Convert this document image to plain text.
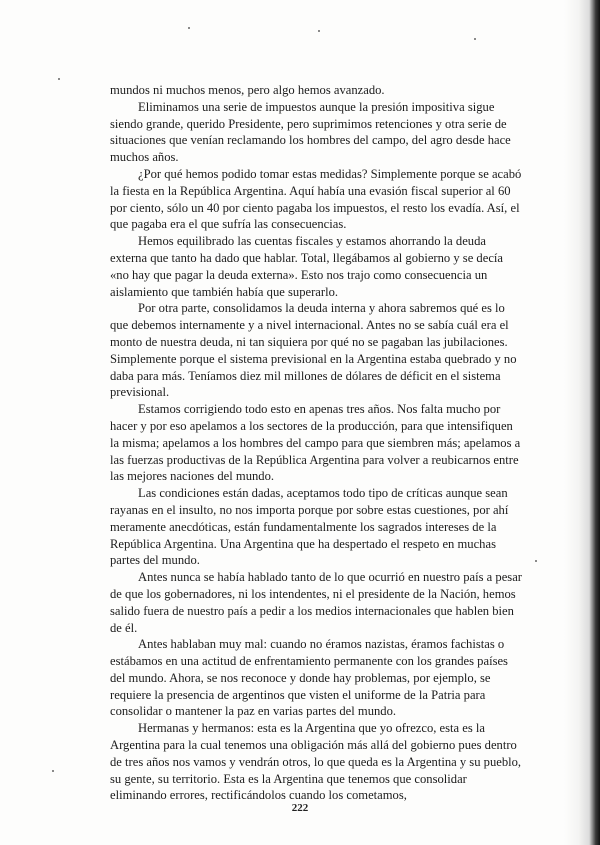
mundos ni muchos menos, pero algo hemos avanzado.

Eliminamos una serie de impuestos aunque la presión impositiva sigue siendo grande, querido Presidente, pero suprimimos retenciones y otra serie de situaciones que venían reclamando los hombres del campo, del agro desde hace muchos años.

¿Por qué hemos podido tomar estas medidas? Simplemente porque se acabó la fiesta en la República Argentina. Aquí había una evasión fiscal superior al 60 por ciento, sólo un 40 por ciento pagaba los impuestos, el resto los evadía. Así, el que pagaba era el que sufría las consecuencias.

Hemos equilibrado las cuentas fiscales y estamos ahorrando la deuda externa que tanto ha dado que hablar. Total, llegábamos al gobierno y se decía «no hay que pagar la deuda externa». Esto nos trajo como consecuencia un aislamiento que también había que superarlo.

Por otra parte, consolidamos la deuda interna y ahora sabremos qué es lo que debemos internamente y a nivel internacional. Antes no se sabía cuál era el monto de nuestra deuda, ni tan siquiera por qué no se pagaban las jubilaciones. Simplemente porque el sistema previsional en la Argentina estaba quebrado y no daba para más. Teníamos diez mil millones de dólares de déficit en el sistema previsional.

Estamos corrigiendo todo esto en apenas tres años. Nos falta mucho por hacer y por eso apelamos a los sectores de la producción, para que intensifiquen la misma; apelamos a los hombres del campo para que siembren más; apelamos a las fuerzas productivas de la República Argentina para volver a reubicarnos entre las mejores naciones del mundo.

Las condiciones están dadas, aceptamos todo tipo de críticas aunque sean rayanas en el insulto, no nos importa porque por sobre estas cuestiones, por ahí meramente anecdóticas, están fundamentalmente los sagrados intereses de la República Argentina. Una Argentina que ha despertado el respeto en muchas partes del mundo.

Antes nunca se había hablado tanto de lo que ocurrió en nuestro país a pesar de que los gobernadores, ni los intendentes, ni el presidente de la Nación, hemos salido fuera de nuestro país a pedir a los medios internacionales que hablen bien de él.

Antes hablaban muy mal: cuando no éramos nazistas, éramos fachistas o estábamos en una actitud de enfrentamiento permanente con los grandes países del mundo. Ahora, se nos reconoce y donde hay problemas, por ejemplo, se requiere la presencia de argentinos que visten el uniforme de la Patria para consolidar o mantener la paz en varias partes del mundo.

Hermanas y hermanos: esta es la Argentina que yo ofrezco, esta es la Argentina para la cual tenemos una obligación más allá del gobierno pues dentro de tres años nos vamos y vendrán otros, lo que queda es la Argentina y su pueblo, su gente, su territorio. Esta es la Argentina que tenemos que consolidar eliminando errores, rectificándolos cuando los cometamos,

222
